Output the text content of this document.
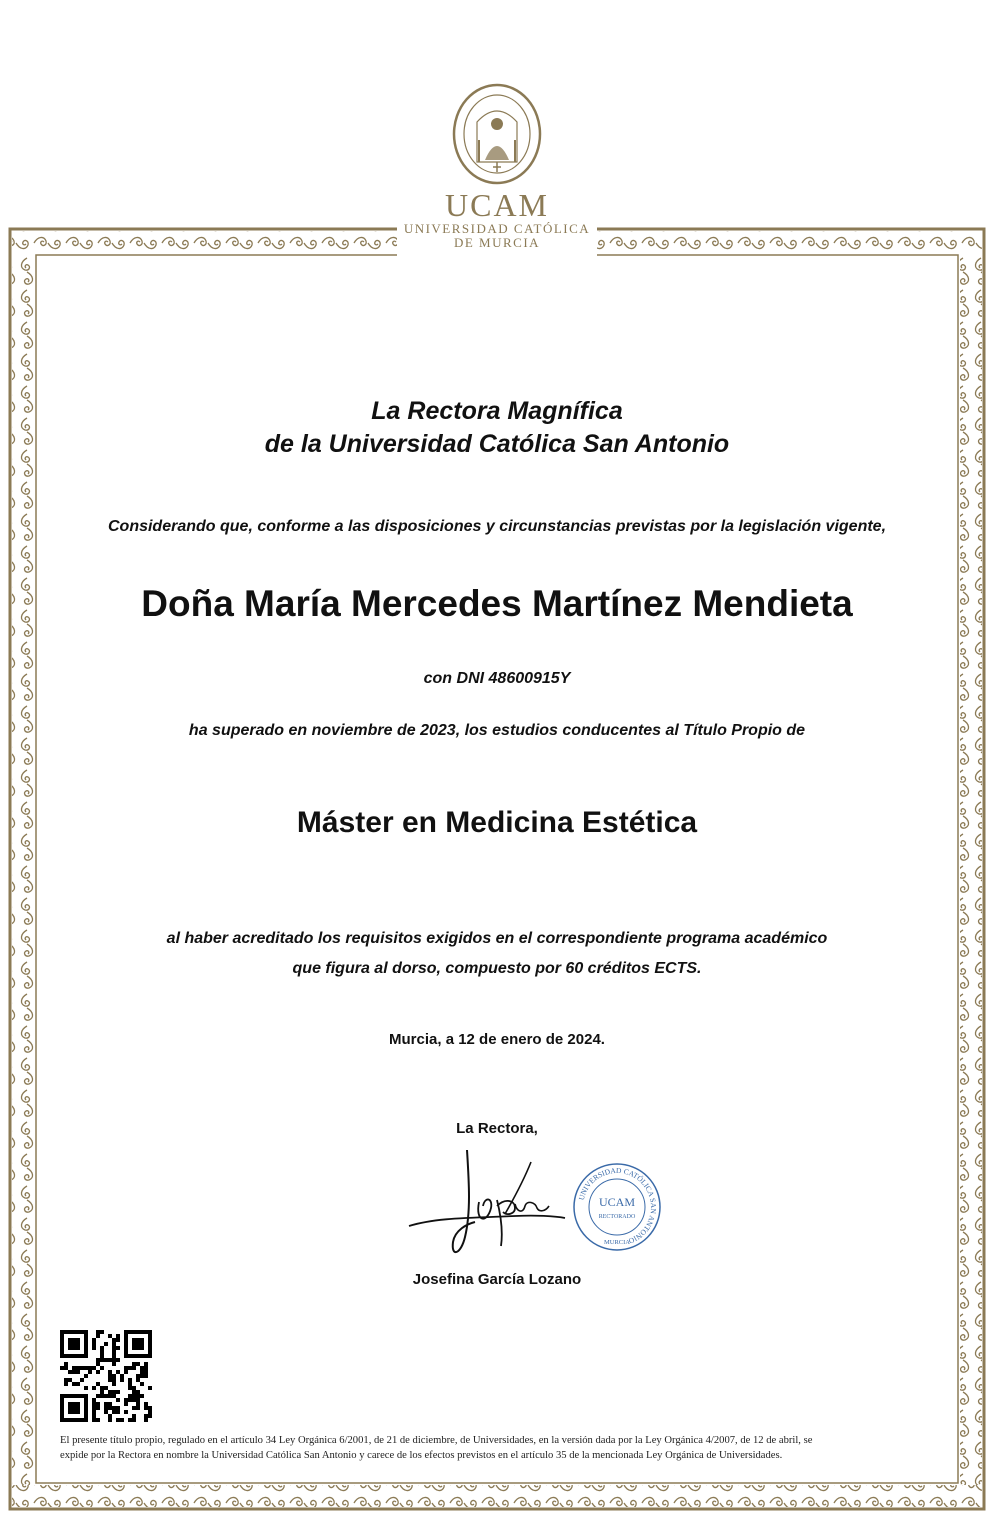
UCAM
UNIVERSIDAD CATÓLICA
DE MURCIA
La Rectora Magnífica
de la Universidad Católica San Antonio
Considerando que, conforme a las disposiciones y circunstancias previstas por la legislación vigente,
Doña María Mercedes Martínez Mendieta
con DNI 48600915Y
ha superado en noviembre de 2023, los estudios conducentes al Título Propio de
Máster en Medicina Estética
al haber acreditado los requisitos exigidos en el correspondiente programa académico
que figura al dorso, compuesto por 60 créditos ECTS.
Murcia, a 12 de enero de 2024.
La Rectora,
UNIVERSIDAD CATÓLICA SAN ANTONIO
UCAM
RECTORADO
MURCIA
Josefina García Lozano
El presente título propio, regulado en el artículo 34 Ley Orgánica 6/2001, de 21 de diciembre, de Universidades, en la versión dada por la Ley Orgánica 4/2007, de 12 de abril, se
expide por la Rectora en nombre la Universidad Católica San Antonio y carece de los efectos previstos en el artículo 35 de la mencionada Ley Orgánica de Universidades.
